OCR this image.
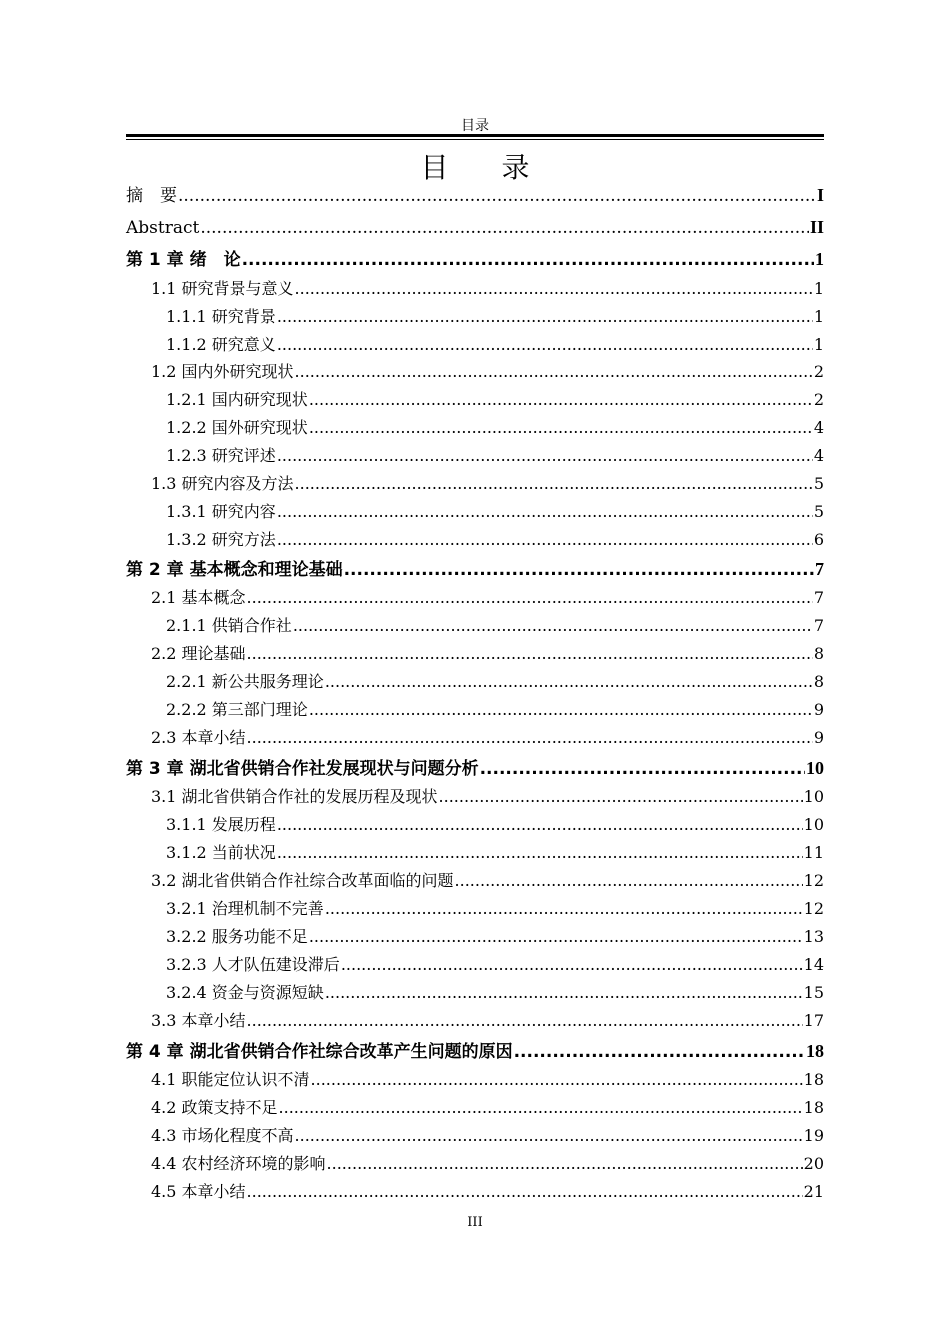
目录
目 录
摘　要 .....	I
Abstract .....	II
第 1 章 绪　论 .....	1
1.1 研究背景与意义 .....	1
1.1.1 研究背景 .....	1
1.1.2 研究意义 .....	1
1.2 国内外研究现状 .....	2
1.2.1 国内研究现状 .....	2
1.2.2 国外研究现状 .....	4
1.2.3 研究评述 .....	4
1.3 研究内容及方法 .....	5
1.3.1 研究内容 .....	5
1.3.2 研究方法 .....	6
第 2 章 基本概念和理论基础 .....	7
2.1 基本概念 .....	7
2.1.1 供销合作社 .....	7
2.2 理论基础 .....	8
2.2.1 新公共服务理论 .....	8
2.2.2 第三部门理论 .....	9
2.3 本章小结 .....	9
第 3 章 湖北省供销合作社发展现状与问题分析 .....	10
3.1 湖北省供销合作社的发展历程及现状 .....	10
3.1.1 发展历程 .....	10
3.1.2 当前状况 .....	11
3.2 湖北省供销合作社综合改革面临的问题 .....	12
3.2.1 治理机制不完善 .....	12
3.2.2 服务功能不足 .....	13
3.2.3 人才队伍建设滞后 .....	14
3.2.4 资金与资源短缺 .....	15
3.3 本章小结 .....	17
第 4 章 湖北省供销合作社综合改革产生问题的原因 .....	18
4.1 职能定位认识不清 .....	18
4.2 政策支持不足 .....	18
4.3 市场化程度不高 .....	19
4.4 农村经济环境的影响 .....	20
4.5 本章小结 .....	21
III
